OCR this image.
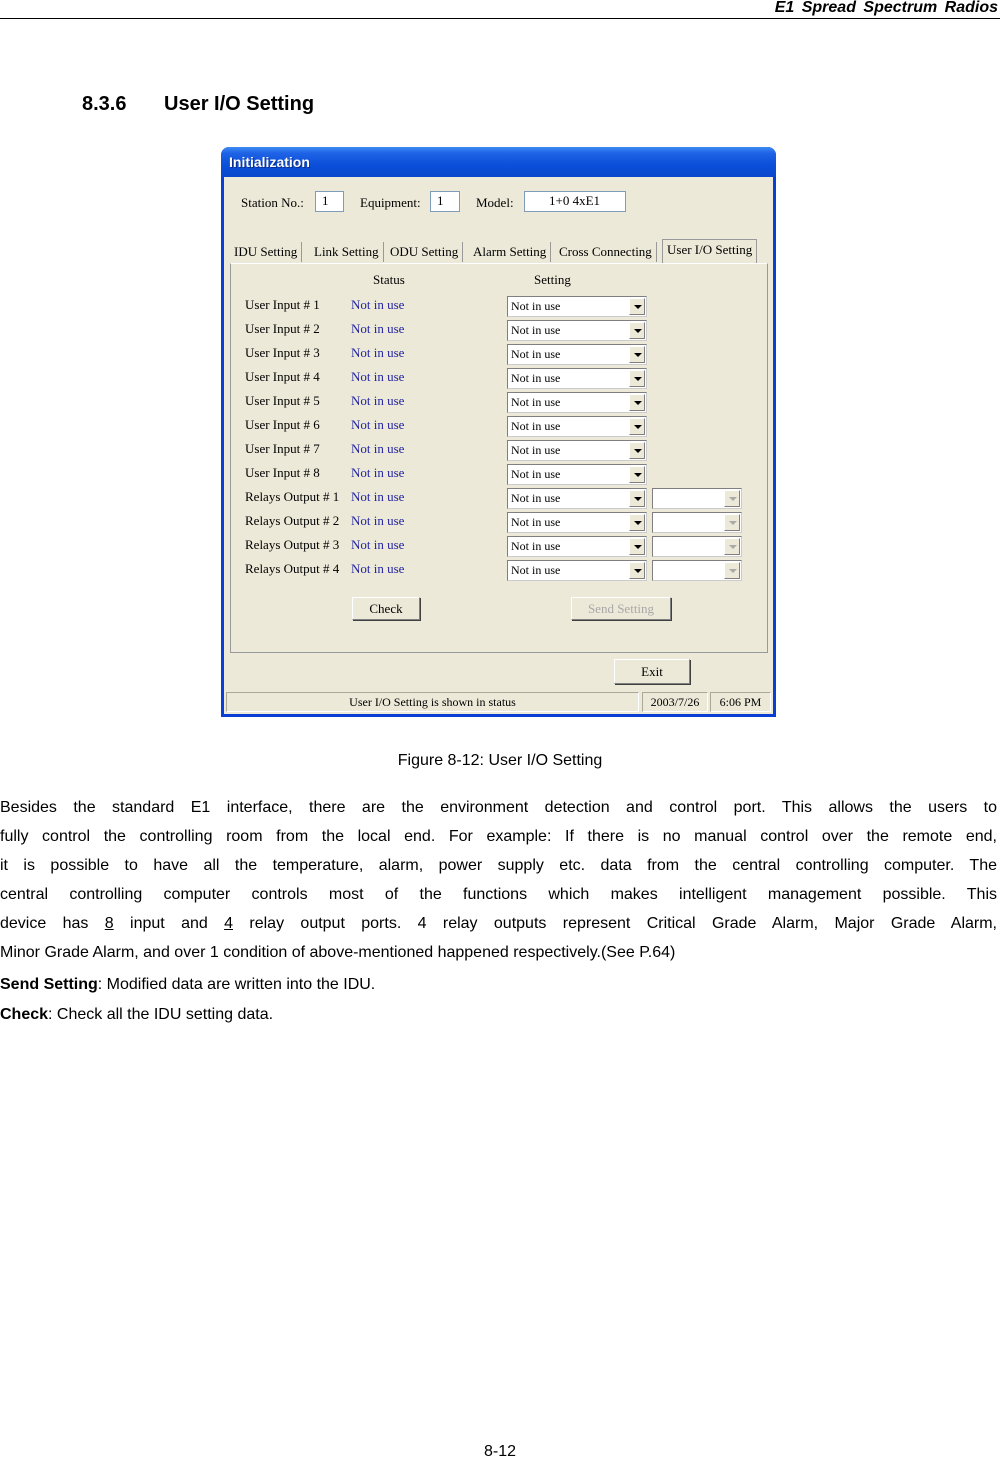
E1 Spread Spectrum Radios
8.3.6 User I/O Setting
Initialization
Station No.:	1	Equipment:	1	Model:	1+0 4xE1
IDU Setting	Link Setting ODU Setting	Alarm Setting Cross Connecting	User I/O Setting
Status	Setting
User Input # 1 Not in use	Not in use
User Input # 2 Not in use	Not in use
User Input # 3 Not in use	Not in use
User Input # 4 Not in use	Not in use
User Input # 5 Not in use	Not in use
User Input # 6 Not in use	Not in use
User Input # 7 Not in use	Not in use
User Input # 8 Not in use	Not in use
Relays Output # 1 Not in use	Not in use
Relays Output # 2 Not in use	Not in use
Relays Output # 3 Not in use	Not in use
Relays Output # 4 Not in use	Not in use
Check	Send Setting
Exit
User I/O Setting is shown in status	2003/7/26	6:06 PM
Figure 8-12: User I/O Setting
Besides the standard E1 interface, there are the environment detection and control port. This allows the users to
fully control the controlling room from the local end. For example: If there is no manual control over the remote end,
it is possible to have all the temperature, alarm, power supply etc. data from the central controlling computer. The
central controlling computer controls most of the functions which makes intelligent management possible. This
device has 8 input and 4 relay output ports. 4 relay outputs represent Critical Grade Alarm, Major Grade Alarm,
Minor Grade Alarm, and over 1 condition of above-mentioned happened respectively.(See P.64)
Send Setting: Modified data are written into the IDU.
Check: Check all the IDU setting data.
8-12
